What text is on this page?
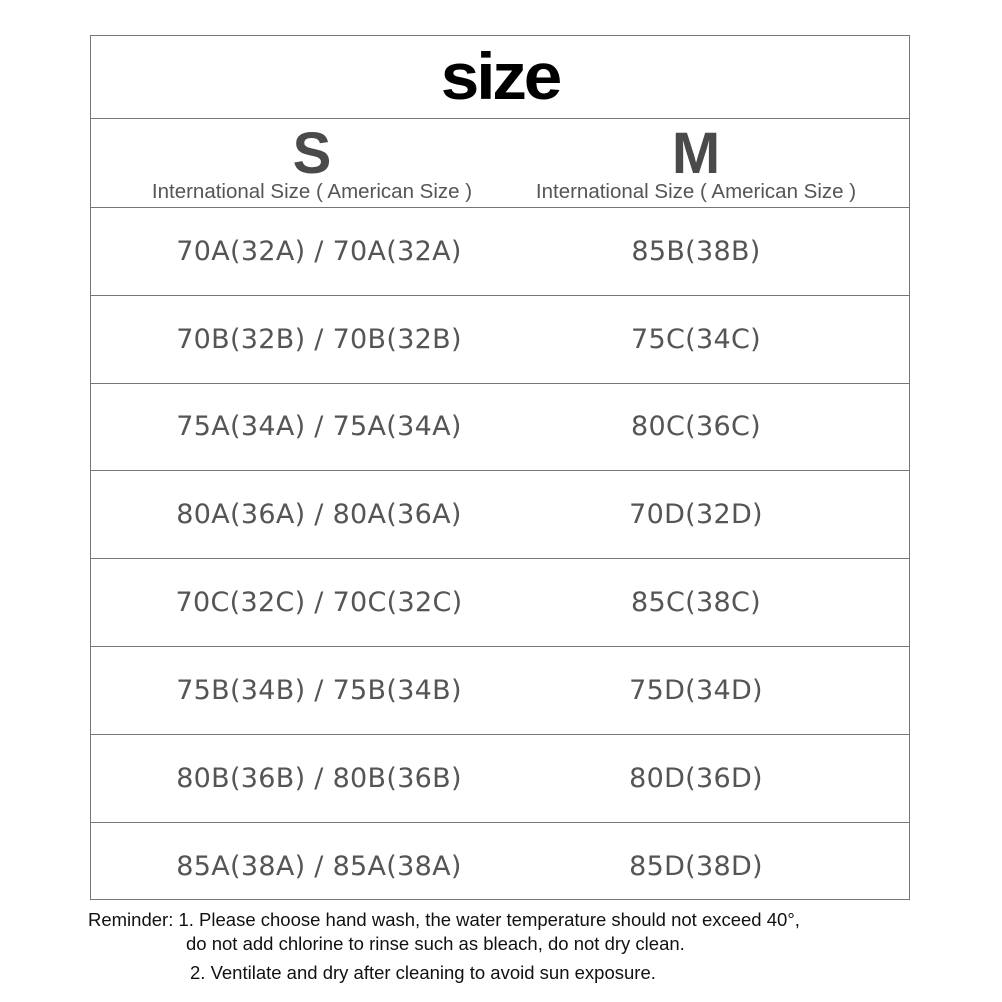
size
S
International Size ( American Size )
M
International Size ( American Size )
70A(32A) / 70A(32A)	85B(38B)
70B(32B) / 70B(32B)	75C(34C)
75A(34A) / 75A(34A)	80C(36C)
80A(36A) / 80A(36A)	70D(32D)
70C(32C) / 70C(32C)	85C(38C)
75B(34B) / 75B(34B)	75D(34D)
80B(36B) / 80B(36B)	80D(36D)
85A(38A) / 85A(38A)	85D(38D)
Reminder: 1. Please choose hand wash, the water temperature should not exceed 40°,
do not add chlorine to rinse such as bleach, do not dry clean.
2. Ventilate and dry after cleaning to avoid sun exposure.
